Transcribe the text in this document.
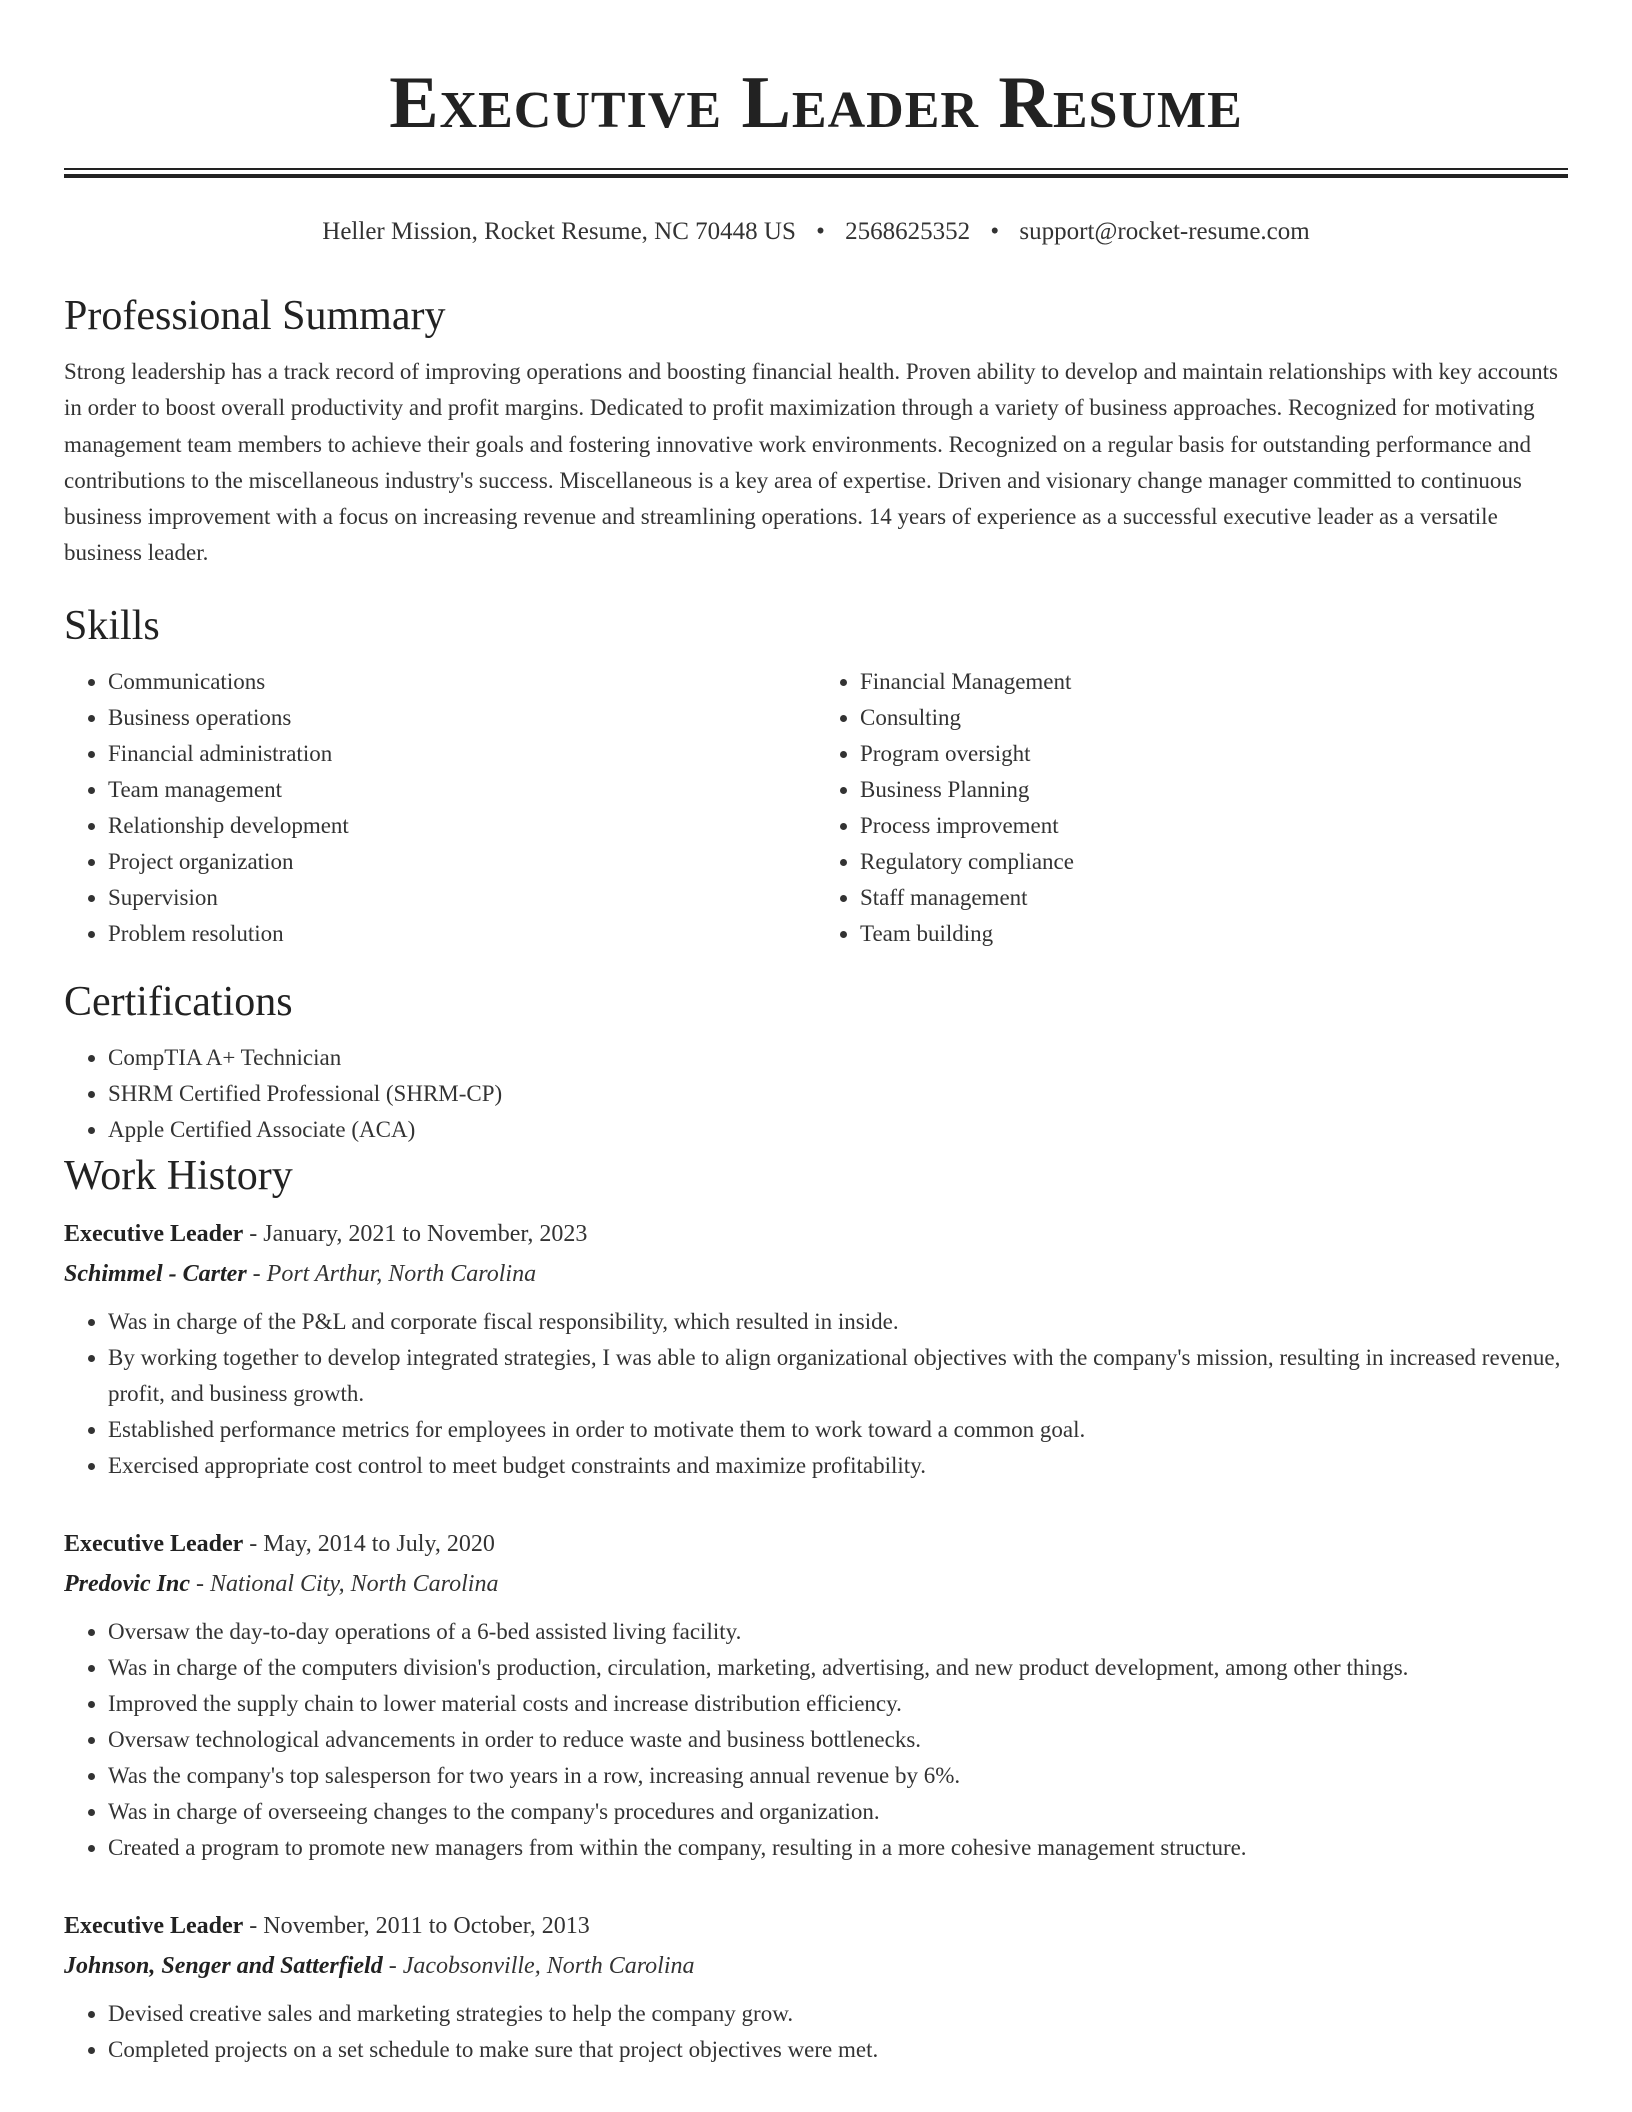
Executive Leader Resume
Heller Mission, Rocket Resume, NC 70448 US • 2568625352 • support@rocket-resume.com
Professional Summary

Strong leadership has a track record of improving operations and boosting financial health. Proven ability to develop and maintain relationships with key accounts in order to boost overall productivity and profit margins. Dedicated to profit maximization through a variety of business approaches. Recognized for motivating management team members to achieve their goals and fostering innovative work environments. Recognized on a regular basis for outstanding performance and contributions to the miscellaneous industry's success. Miscellaneous is a key area of expertise. Driven and visionary change manager committed to continuous business improvement with a focus on increasing revenue and streamlining operations. 14 years of experience as a successful executive leader as a versatile business leader.

Skills
• Communications
• Business operations
• Financial administration
• Team management
• Relationship development
• Project organization
• Supervision
• Problem resolution
• Financial Management
• Consulting
• Program oversight
• Business Planning
• Process improvement
• Regulatory compliance
• Staff management
• Team building
Certifications
• CompTIA A+ Technician
• SHRM Certified Professional (SHRM-CP)
• Apple Certified Associate (ACA)
Work History
Executive Leader - January, 2021 to November, 2023
Schimmel - Carter - Port Arthur, North Carolina
• Was in charge of the P&L and corporate fiscal responsibility, which resulted in inside.
• By working together to develop integrated strategies, I was able to align organizational objectives with the company's mission, resulting in increased revenue, profit, and business growth.
• Established performance metrics for employees in order to motivate them to work toward a common goal.
• Exercised appropriate cost control to meet budget constraints and maximize profitability.
Executive Leader - May, 2014 to July, 2020
Predovic Inc - National City, North Carolina
• Oversaw the day-to-day operations of a 6-bed assisted living facility.
• Was in charge of the computers division's production, circulation, marketing, advertising, and new product development, among other things.
• Improved the supply chain to lower material costs and increase distribution efficiency.
• Oversaw technological advancements in order to reduce waste and business bottlenecks.
• Was the company's top salesperson for two years in a row, increasing annual revenue by 6%.
• Was in charge of overseeing changes to the company's procedures and organization.
• Created a program to promote new managers from within the company, resulting in a more cohesive management structure.
Executive Leader - November, 2011 to October, 2013
Johnson, Senger and Satterfield - Jacobsonville, North Carolina
• Devised creative sales and marketing strategies to help the company grow.
• Completed projects on a set schedule to make sure that project objectives were met.
